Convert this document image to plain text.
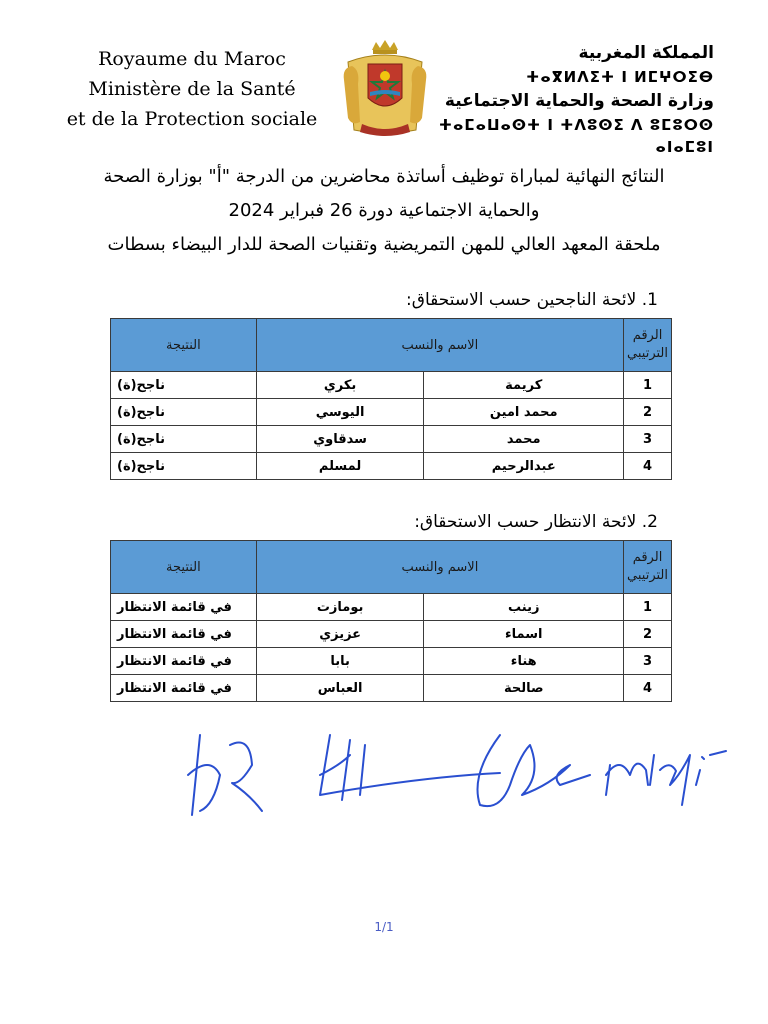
Royaume du Maroc
Ministère de la Santé
et de la Protection sociale
المملكة المغربية
ⵜⴰⴳⵍⴷⵉⵜ ⵏ ⵍⵎⵖⵔⵉⴱ
وزارة الصحة والحماية الاجتماعية
ⵜⴰⵎⴰⵡⴰⵙⵜ ⵏ ⵜⴷⵓⵙⵉ ⴷ ⵓⵎⵓⵔⵙ ⴰⵏⴰⵎⵓⵏ
النتائج النهائية لمباراة توظيف أساتذة محاضرين من الدرجة "أ" بوزارة الصحة
والحماية الاجتماعية دورة 26 فبراير 2024
ملحقة المعهد العالي للمهن التمريضية وتقنيات الصحة للدار البيضاء بسطات
1. لائحة الناجحين حسب الاستحقاق:
الرقم الترتيبي	الاسم والنسب		النتيجة
1	كريمة	بكري	ناجح(ة)
2	محمد امين	اليوسي	ناجح(ة)
3	محمد	سدقاوي	ناجح(ة)
4	عبدالرحيم	لمسلم	ناجح(ة)
2. لائحة الانتظار حسب الاستحقاق:
الرقم الترتيبي	الاسم والنسب		النتيجة
1	زينب	بومازت	في قائمة الانتظار
2	اسماء	عزيزي	في قائمة الانتظار
3	هناء	بابا	في قائمة الانتظار
4	صالحة	العباس	في قائمة الانتظار
1/1
